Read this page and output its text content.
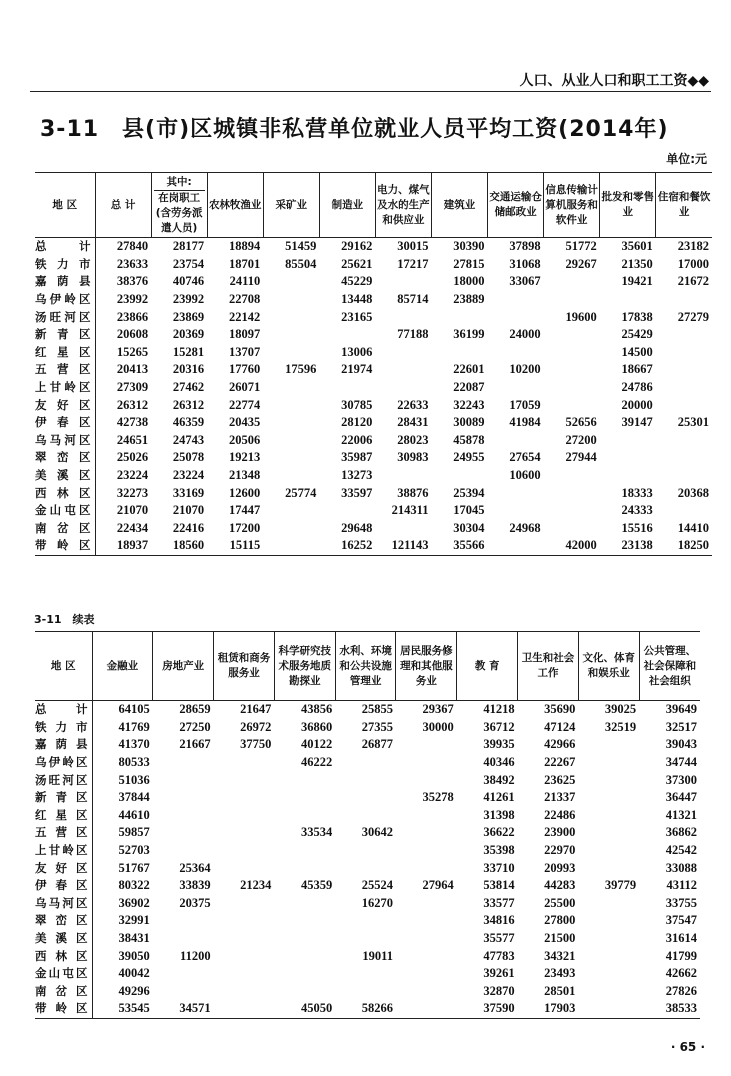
人口、从业人口和职工工资◆◆
3-11　县(市)区城镇非私营单位就业人员平均工资(2014年)
单位:元
地 区	总 计	其中:
在岗职工(含劳务派遣人员)	农林牧渔业	采矿业	制造业	电力、煤气及水的生产和供应业	建筑业	交通运输仓储邮政业	信息传输计算机服务和软件业	批发和零售业	住宿和餐饮业
总 计	27840	28177	18894	51459	29162	30015	30390	37898	51772	35601	23182
铁力市	23633	23754	18701	85504	25621	17217	27815	31068	29267	21350	17000
嘉荫县	38376	40746	24110		45229		18000	33067		19421	21672
乌伊岭区	23992	23992	22708		13448	85714	23889				
汤旺河区	23866	23869	22142		23165				19600	17838	27279
新青区	20608	20369	18097			77188	36199	24000		25429	
红星区	15265	15281	13707		13006					14500	
五营区	20413	20316	17760	17596	21974		22601	10200		18667	
上甘岭区	27309	27462	26071				22087			24786	
友好区	26312	26312	22774		30785	22633	32243	17059		20000	
伊春区	42738	46359	20435		28120	28431	30089	41984	52656	39147	25301
乌马河区	24651	24743	20506		22006	28023	45878		27200		
翠峦区	25026	25078	19213		35987	30983	24955	27654	27944		
美溪区	23224	23224	21348		13273			10600			
西林区	32273	33169	12600	25774	33597	38876	25394			18333	20368
金山屯区	21070	21070	17447			214311	17045			24333	
南岔区	22434	22416	17200		29648		30304	24968		15516	14410
带岭区	18937	18560	15115		16252	121143	35566		42000	23138	18250
3-11　续表
地 区	金融业	房地产业	租赁和商务服务业	科学研究技术服务地质勘探业	水利、环境和公共设施管理业	居民服务修理和其他服务业	教 育	卫生和社会工作	文化、体育和娱乐业	公共管理、社会保障和社会组织
总 计	64105	28659	21647	43856	25855	29367	41218	35690	39025	39649
铁力市	41769	27250	26972	36860	27355	30000	36712	47124	32519	32517
嘉荫县	41370	21667	37750	40122	26877		39935	42966		39043
乌伊岭区	80533			46222			40346	22267		34744
汤旺河区	51036						38492	23625		37300
新青区	37844					35278	41261	21337		36447
红星区	44610						31398	22486		41321
五营区	59857			33534	30642		36622	23900		36862
上甘岭区	52703						35398	22970		42542
友好区	51767	25364					33710	20993		33088
伊春区	80322	33839	21234	45359	25524	27964	53814	44283	39779	43112
乌马河区	36902	20375			16270		33577	25500		33755
翠峦区	32991						34816	27800		37547
美溪区	38431						35577	21500		31614
西林区	39050	11200			19011		47783	34321		41799
金山屯区	40042						39261	23493		42662
南岔区	49296						32870	28501		27826
带岭区	53545	34571		45050	58266		37590	17903		38533
· 65 ·
